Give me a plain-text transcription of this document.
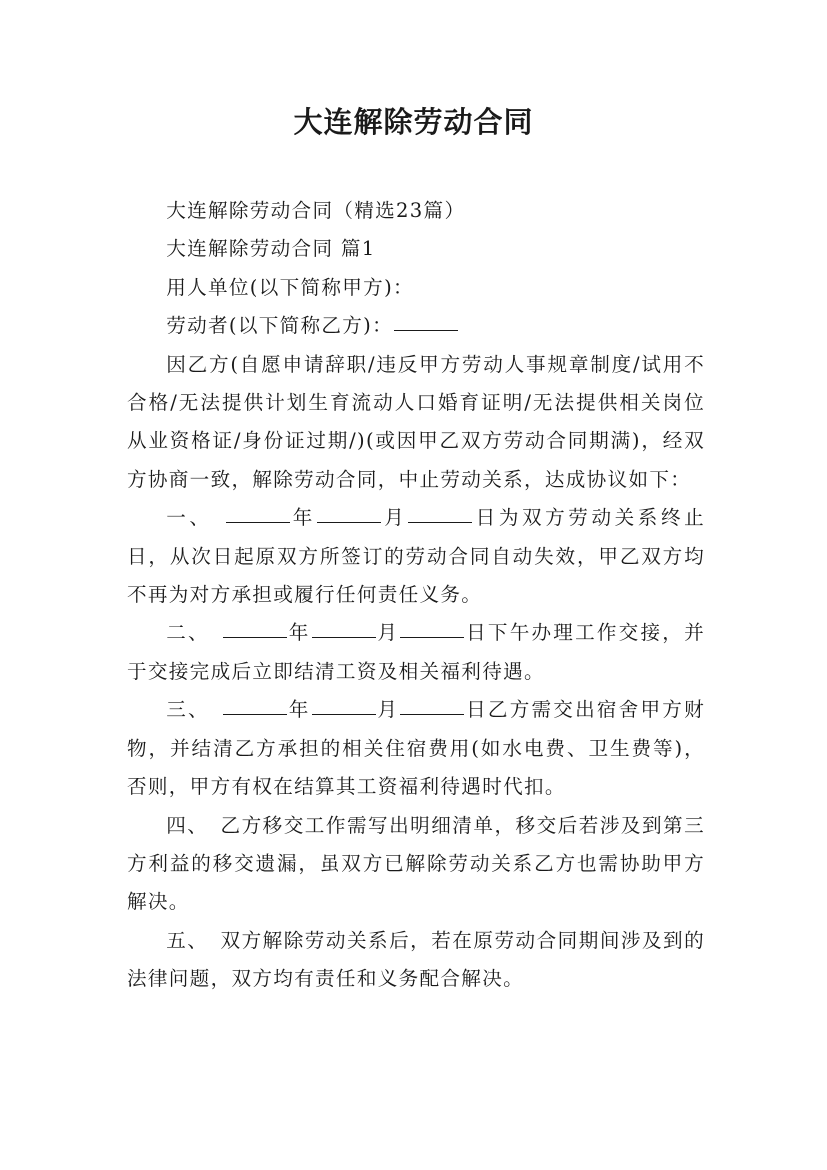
大连解除劳动合同

大连解除劳动合同（精选23篇）

大连解除劳动合同 篇1

用人单位(以下简称甲方)：

劳动者(以下简称乙方)：

因乙方(自愿申请辞职/违反甲方劳动人事规章制度/试用不合格/无法提供计划生育流动人口婚育证明/无法提供相关岗位从业资格证/身份证过期/)(或因甲乙双方劳动合同期满)，经双方协商一致，解除劳动合同，中止劳动关系，达成协议如下：

一、	年	月	日为双方劳动关系终止日，从次日起原双方所签订的劳动合同自动失效，甲乙双方均不再为对方承担或履行任何责任义务。

二、	年	月	日下午办理工作交接，并于交接完成后立即结清工资及相关福利待遇。

三、	年	月	日乙方需交出宿舍甲方财物，并结清乙方承担的相关住宿费用(如水电费、卫生费等)，否则，甲方有权在结算其工资福利待遇时代扣。

四、 乙方移交工作需写出明细清单，移交后若涉及到第三方利益的移交遗漏，虽双方已解除劳动关系乙方也需协助甲方解决。

五、 双方解除劳动关系后，若在原劳动合同期间涉及到的法律问题，双方均有责任和义务配合解决。
